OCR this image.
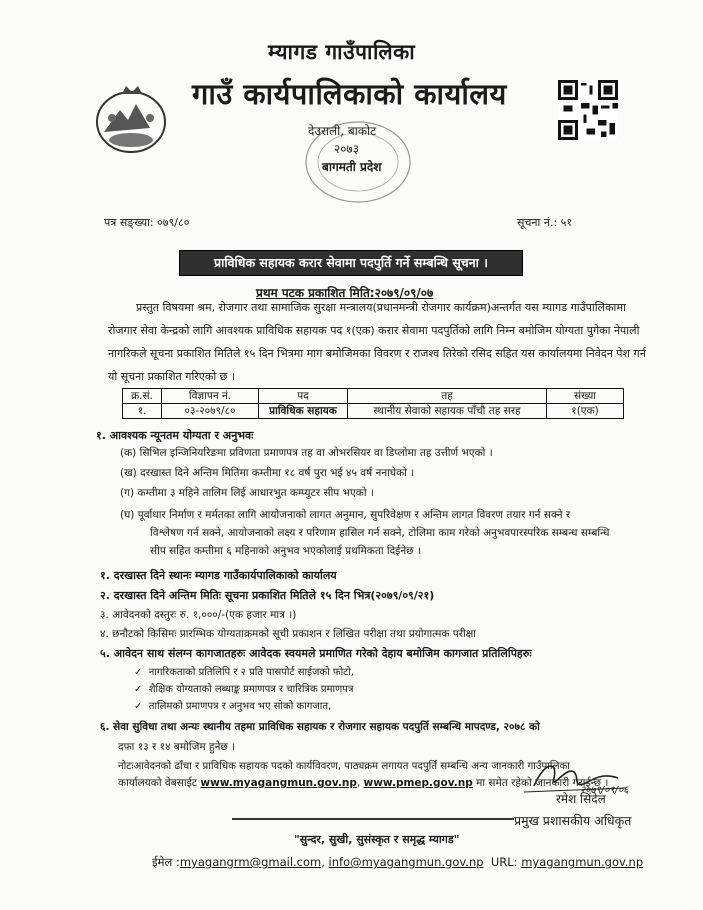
म्यागड गाउँपालिका
गाउँ कार्यपालिकाको कार्यालय
देउराली, बाकोट
२०७३
बागमती प्रदेश
पत्र सङ्ख्या: ०७९/८०	सूचना नं.: ५१
प्राविधिक सहायक करार सेवामा पदपुर्ति गर्ने सम्बन्धि सूचना ।
प्रथम पटक प्रकाशित मिति:२०७९/०९/०७
प्रस्तुत विषयमा श्रम, रोजगार तथा सामाजिक सुरक्षा मन्त्रालय(प्रधानमन्त्री रोजगार कार्यक्रम)अन्तर्गत यस म्यागड गाउँपालिकामा रोजगार सेवा केन्द्रको लागि आवश्यक प्राविधिक सहायक पद १(एक) करार सेवामा पदपुर्तिको लागि निम्न बमोजिम योग्यता पुगेका नेपाली नागरिकले सूचना प्रकाशित मितिले १५ दिन भित्रमा माग बमोजिमका विवरण र राजश्व तिरेको रसिद सहित यस कार्यालयमा निवेदन पेश गर्न यो सूचना प्रकाशित गरिएको छ ।
क्र.सं.	विज्ञापन नं.	पद	तह	संख्या
१.	०३-२०७९/८०	प्राविधिक सहायक	स्थानीय सेवाको सहायक पाँचौ तह सरह	१(एक)
१. आवश्यक न्यूनतम योग्यता र अनुभवः
(क) सिभिल इन्जिनियरिङमा प्रविणता प्रमाणपत्र तह वा ओभरसियर वा डिप्लोमा तह उत्तीर्ण भएको ।
(ख) दरखास्त दिने अन्तिम मितिमा कम्तीमा १८ वर्ष पुरा भई ४५ वर्ष ननाघेको ।
(ग) कम्तीमा ३ महिने तालिम लिई आधारभुत कम्प्युटर सीप भएको ।
(घ) पूर्वाधार निर्माण र मर्मतका लागि आयोजनाको लागत अनुमान, सुपरिवेक्षण र अन्तिम लागत विवरण तयार गर्न सक्ने र
विश्लेषण गर्न सक्ने, आयोजनाको लक्ष्य र परिणाम हासिल गर्न सक्ने, टोलिमा काम गरेको अनुभवपारस्परिक सम्बन्ध सम्बन्धि
सीप सहित कम्तीमा ६ महिनाको अनुभव भएकोलाई प्रथमिकता दिईनेछ ।
१. दरखास्त दिने स्थानः म्यागड गाउँकार्यपालिकाको कार्यालय
२. दरखास्त दिने अन्तिम मितिः सूचना प्रकाशित मितिले १५ दिन भित्र(२०७९/०९/२१)
३. आवेदनको दस्तुरः रु. १,०००/-(एक हजार मात्र ।)
४. छनौटको किसिमः प्रारम्भिक योग्यताक्रमको सूची प्रकाशन र लिखित परीक्षा तथा प्रयोगात्मक परीक्षा
५. आवेदन साथ संलग्न कागजातहरुः आवेदक स्वयमले प्रमाणित गरेको देहाय बमोजिम कागजात प्रतिलिपिहरुः
✓ नागरिकताको प्रतिलिपि र २ प्रति पासपोर्ट साईजको फोटो,
✓ शैक्षिक योग्यताको लब्धाङ्क प्रमाणपत्र र चारित्रिक प्रमाणपत्र
✓ तालिमको प्रमाणपत्र र अनुभव भए सोको कागजात,
६. सेवा सुविधा तथा अन्यः स्थानीय तहमा प्राविधिक सहायक र रोजगार सहायक पदपुर्ति सम्बन्धि मापदण्ड, २०७८ को
दफा १३ र १४ बमोजिम हुनेछ ।
नोटःआवेदनको ढाँचा र प्राविधिक सहायक पदको कार्यविवरण, पाठ्यक्रम लगायत पदपुर्ति सम्बन्धि अन्य जानकारी गाउँपालिका
कार्यालयको वेबसाईट www.myagangmun.gov.np, www.pmep.gov.np मा समेत रहेको जानकारी गराईन्छ ।
२०७९/०९/०६
रमेश सिंदेल
प्रमुख प्रशासकीय अधिकृत
"सुन्दर, सुखी, सुसंस्कृत र समृद्ध म्यागड"
ईमेल :myagangrm@gmail.com, info@myagangmun.gov.np URL: myagangmun.gov.np
